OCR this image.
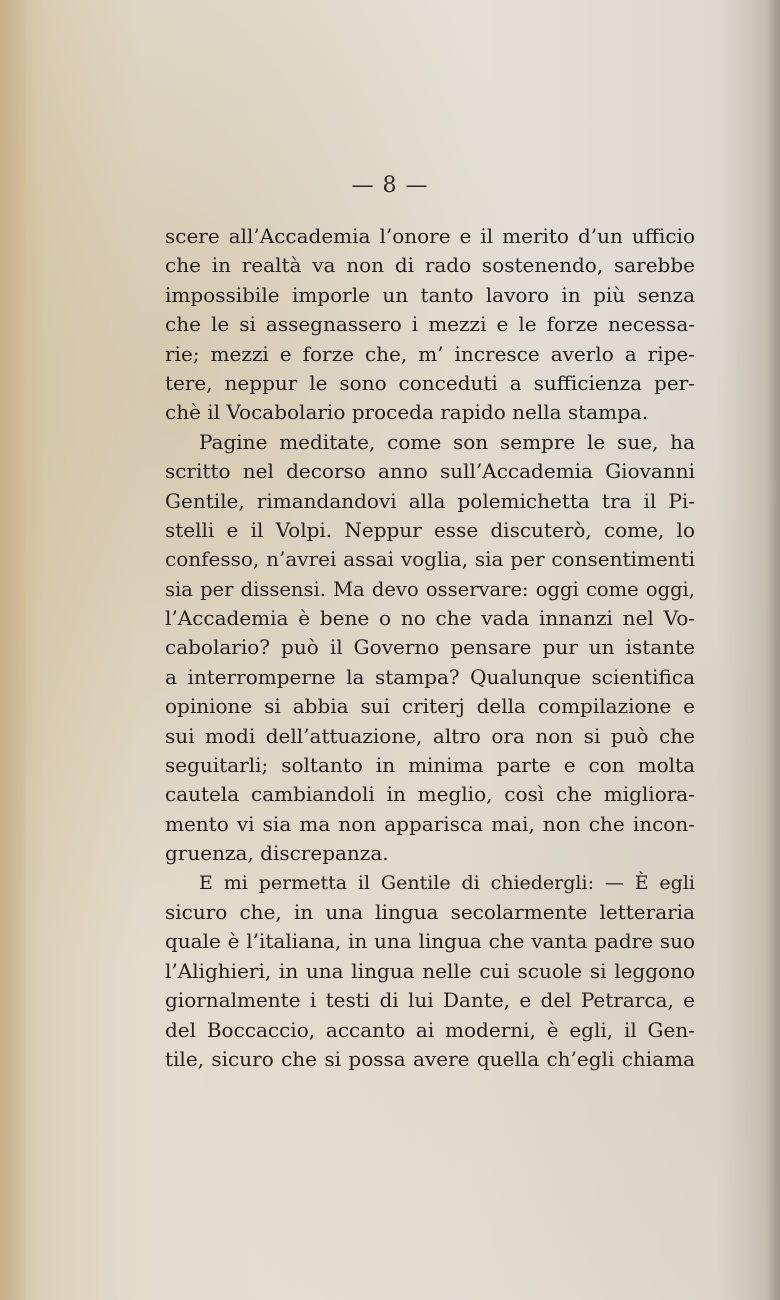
— 8 —
scere all’Accademia l’onore e il merito d’un ufficio
che in realtà va non di rado sostenendo, sarebbe
impossibile imporle un tanto lavoro in più senza
che le si assegnassero i mezzi e le forze necessa-
rie; mezzi e forze che, m’ incresce averlo a ripe-
tere, neppur le sono conceduti a sufficienza per-
chè il Vocabolario proceda rapido nella stampa.
Pagine meditate, come son sempre le sue, ha
scritto nel decorso anno sull’Accademia Giovanni
Gentile, rimandandovi alla polemichetta tra il Pi-
stelli e il Volpi. Neppur esse discuterò, come, lo
confesso, n’avrei assai voglia, sia per consentimenti
sia per dissensi. Ma devo osservare: oggi come oggi,
l’Accademia è bene o no che vada innanzi nel Vo-
cabolario? può il Governo pensare pur un istante
a interromperne la stampa? Qualunque scientifica
opinione si abbia sui criterj della compilazione e
sui modi dell’attuazione, altro ora non si può che
seguitarli; soltanto in minima parte e con molta
cautela cambiandoli in meglio, così che migliora-
mento vi sia ma non apparisca mai, non che incon-
gruenza, discrepanza.
E mi permetta il Gentile di chiedergli: — È egli
sicuro che, in una lingua secolarmente letteraria
quale è l’italiana, in una lingua che vanta padre suo
l’Alighieri, in una lingua nelle cui scuole si leggono
giornalmente i testi di lui Dante, e del Petrarca, e
del Boccaccio, accanto ai moderni, è egli, il Gen-
tile, sicuro che si possa avere quella ch’egli chiama
